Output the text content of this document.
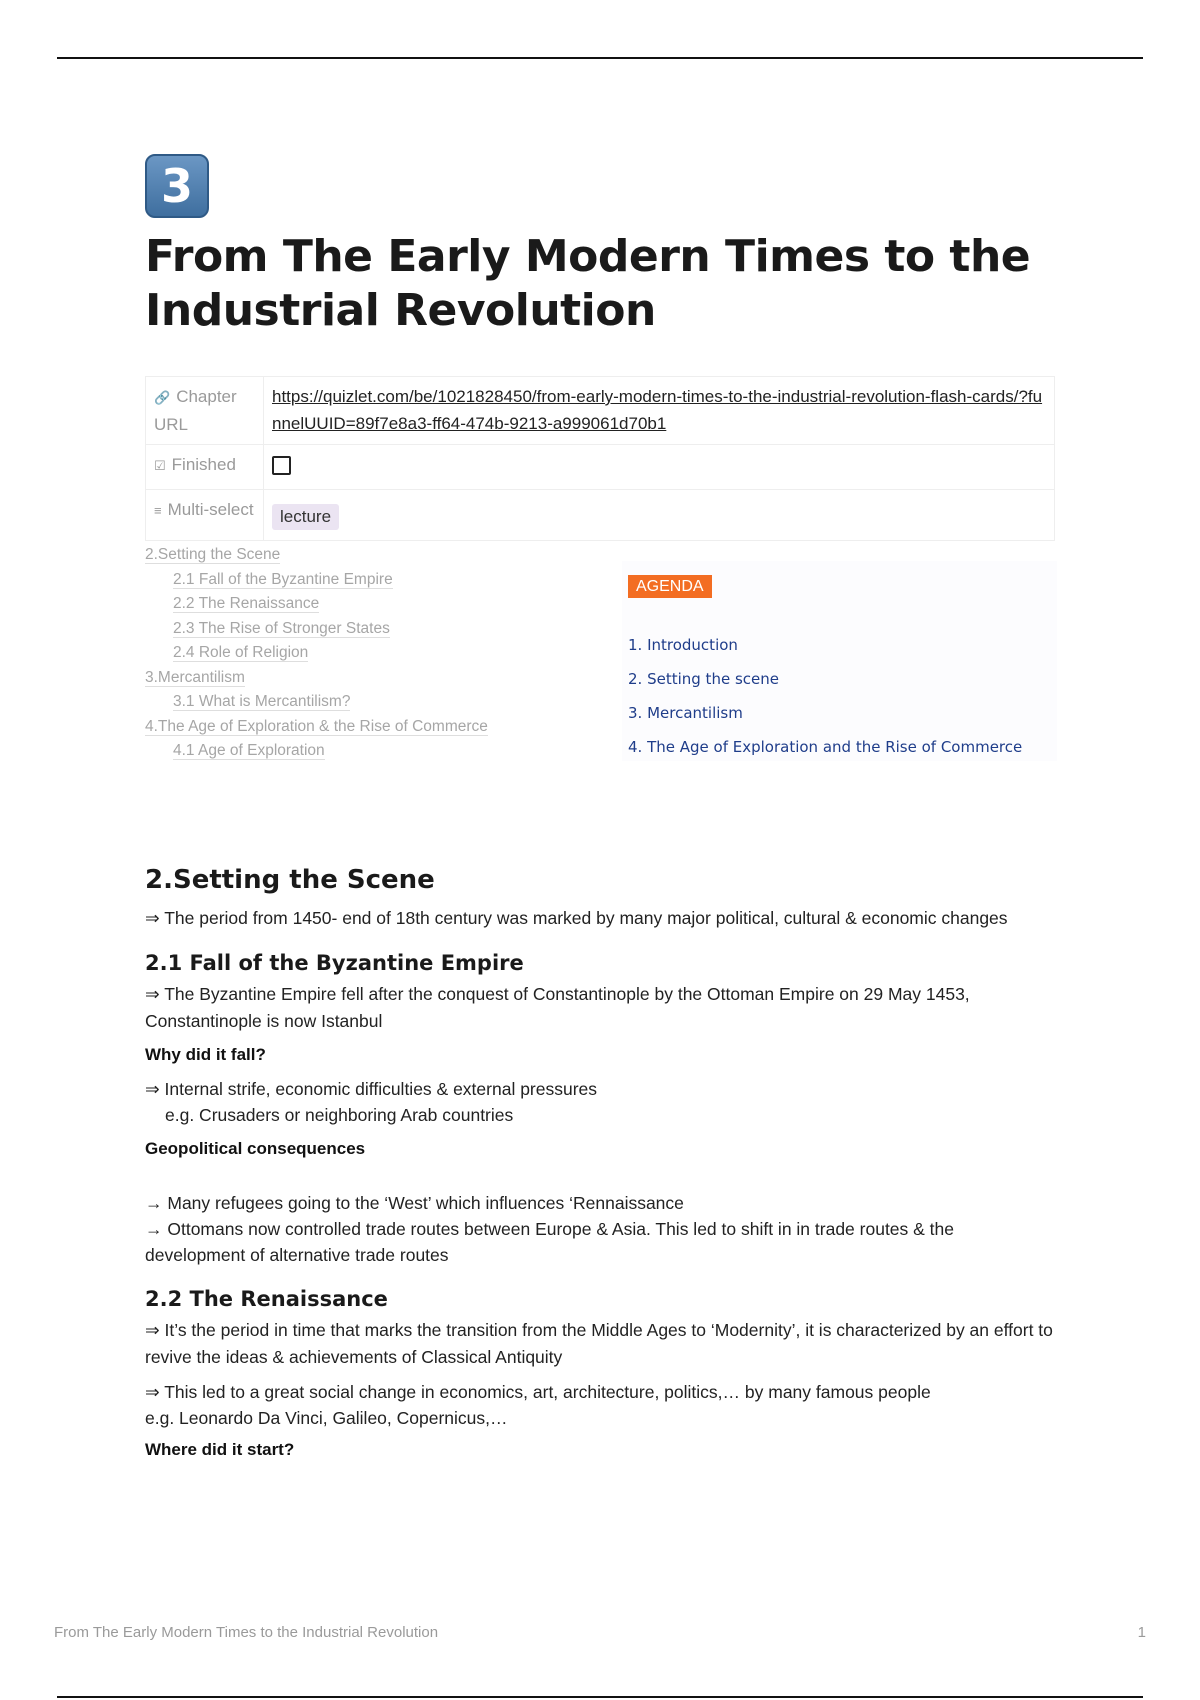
3
From The Early Modern Times to the Industrial Revolution
🔗 Chapter URL	https://quizlet.com/be/1021828450/from-early-modern-times-to-the-industrial-revolution-flash-cards/?funnelUUID=89f7e8a3-ff64-474b-9213-a999061d70b1
☑ Finished	
≡ Multi-select	lecture
2.Setting the Scene
2.1 Fall of the Byzantine Empire
2.2 The Renaissance
2.3 The Rise of Stronger States
2.4 Role of Religion
3.Mercantilism
3.1 What is Mercantilism?
4.The Age of Exploration & the Rise of Commerce
4.1 Age of Exploration
AGENDA
1. Introduction
2. Setting the scene
3. Mercantilism
4. The Age of Exploration and the Rise of Commerce
2.Setting the Scene

⇒ The period from 1450- end of 18th century was marked by many major political, cultural & economic changes

2.1 Fall of the Byzantine Empire

⇒ The Byzantine Empire fell after the conquest of Constantinople by the Ottoman Empire on 29 May 1453, Constantinople is now Istanbul

Why did it fall?

⇒ Internal strife, economic difficulties & external pressures

e.g. Crusaders or neighboring Arab countries

Geopolitical consequences

→ Many refugees going to the ‘West’ which influences ‘Rennaissance

→ Ottomans now controlled trade routes between Europe & Asia. This led to shift in in trade routes & the development of alternative trade routes

2.2 The Renaissance

⇒ It’s the period in time that marks the transition from the Middle Ages to ‘Modernity’, it is characterized by an effort to revive the ideas & achievements of Classical Antiquity

⇒ This led to a great social change in economics, art, architecture, politics,… by many famous people

e.g. Leonardo Da Vinci, Galileo, Copernicus,…

Where did it start?
From The Early Modern Times to the Industrial Revolution	1
